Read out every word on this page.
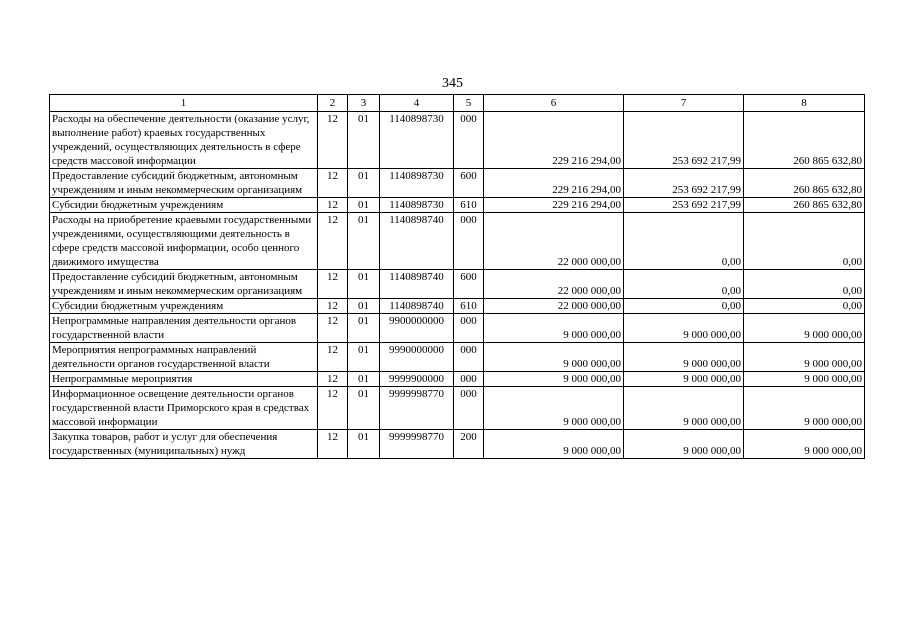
345
1	2	3	4	5	6	7	8
Расходы на обеспечение деятельности (оказание услуг, выполнение работ) краевых государственных учреждений, осуществляющих деятельность в сфере средств массовой информации	12	01	1140898730	000	229 216 294,00	253 692 217,99	260 865 632,80
Предоставление субсидий бюджетным, автономным учреждениям и иным некоммерческим организациям	12	01	1140898730	600	229 216 294,00	253 692 217,99	260 865 632,80
Субсидии бюджетным учреждениям	12	01	1140898730	610	229 216 294,00	253 692 217,99	260 865 632,80
Расходы на приобретение краевыми государственными учреждениями, осуществляющими деятельность в сфере средств массовой информации, особо ценного движимого имущества	12	01	1140898740	000	22 000 000,00	0,00	0,00
Предоставление субсидий бюджетным, автономным учреждениям и иным некоммерческим организациям	12	01	1140898740	600	22 000 000,00	0,00	0,00
Субсидии бюджетным учреждениям	12	01	1140898740	610	22 000 000,00	0,00	0,00
Непрограммные направления деятельности органов государственной власти	12	01	9900000000	000	9 000 000,00	9 000 000,00	9 000 000,00
Мероприятия непрограммных направлений деятельности органов государственной власти	12	01	9990000000	000	9 000 000,00	9 000 000,00	9 000 000,00
Непрограммные мероприятия	12	01	9999900000	000	9 000 000,00	9 000 000,00	9 000 000,00
Информационное освещение деятельности органов государственной власти Приморского края в средствах массовой информации	12	01	9999998770	000	9 000 000,00	9 000 000,00	9 000 000,00
Закупка товаров, работ и услуг для обеспечения государственных (муниципальных) нужд	12	01	9999998770	200	9 000 000,00	9 000 000,00	9 000 000,00
